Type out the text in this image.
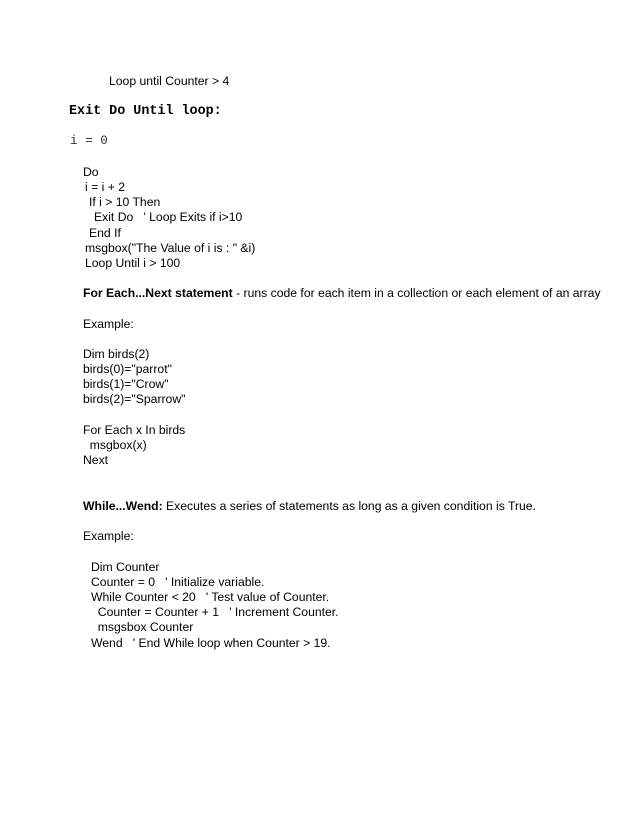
Loop until Counter > 4
Exit Do Until loop:
i = 0
Do
i = i + 2
If i > 10 Then
Exit Do   ' Loop Exits if i>10
End If
msgbox("The Value of i is : " &i)
Loop Until i > 100
For Each...Next statement - runs code for each item in a collection or each element of an array
Example:
Dim birds(2)
birds(0)="parrot"
birds(1)="Crow"
birds(2)="Sparrow"
For Each x In birds
msgbox(x)
Next
While...Wend: Executes a series of statements as long as a given condition is True.
Example:
Dim Counter
Counter = 0   ' Initialize variable.
While Counter < 20   ' Test value of Counter.
Counter = Counter + 1   ' Increment Counter.
msgsbox Counter
Wend   ' End While loop when Counter > 19.
